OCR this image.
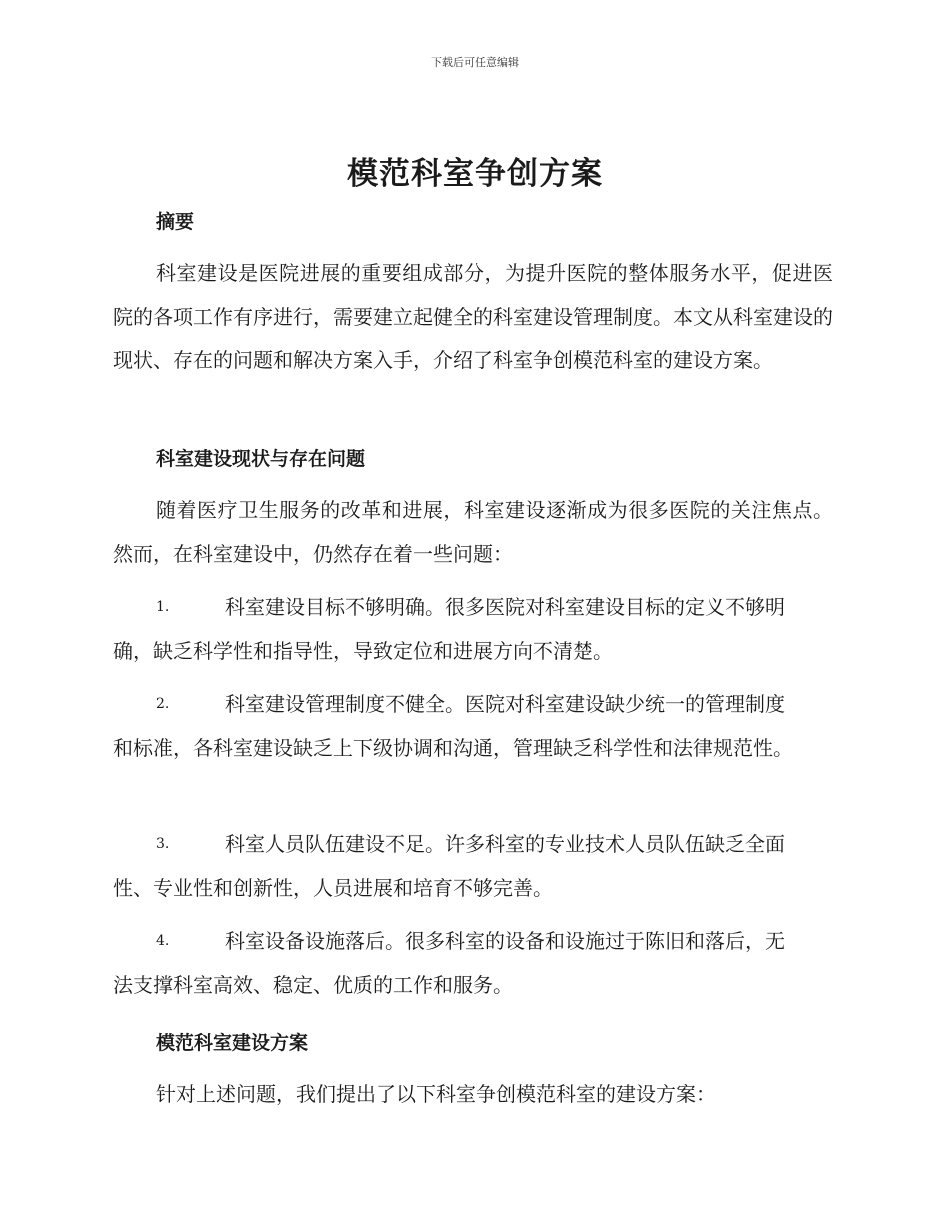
下载后可任意编辑
模范科室争创方案
摘要

科室建设是医院进展的重要组成部分，为提升医院的整体服务水平，促进医院的各项工作有序进行，需要建立起健全的科室建设管理制度。本文从科室建设的现状、存在的问题和解决方案入手，介绍了科室争创模范科室的建设方案。

科室建设现状与存在问题

随着医疗卫生服务的改革和进展，科室建设逐渐成为很多医院的关注焦点。然而，在科室建设中，仍然存在着一些问题：

1.	科室建设目标不够明确。很多医院对科室建设目标的定义不够明
确，缺乏科学性和指导性，导致定位和进展方向不清楚。
2.	科室建设管理制度不健全。医院对科室建设缺少统一的管理制度
和标准，各科室建设缺乏上下级协调和沟通，管理缺乏科学性和法律规范性。
3.	科室人员队伍建设不足。许多科室的专业技术人员队伍缺乏全面
性、专业性和创新性，人员进展和培育不够完善。
4.	科室设备设施落后。很多科室的设备和设施过于陈旧和落后，无
法支撑科室高效、稳定、优质的工作和服务。
模范科室建设方案

针对上述问题，我们提出了以下科室争创模范科室的建设方案：
